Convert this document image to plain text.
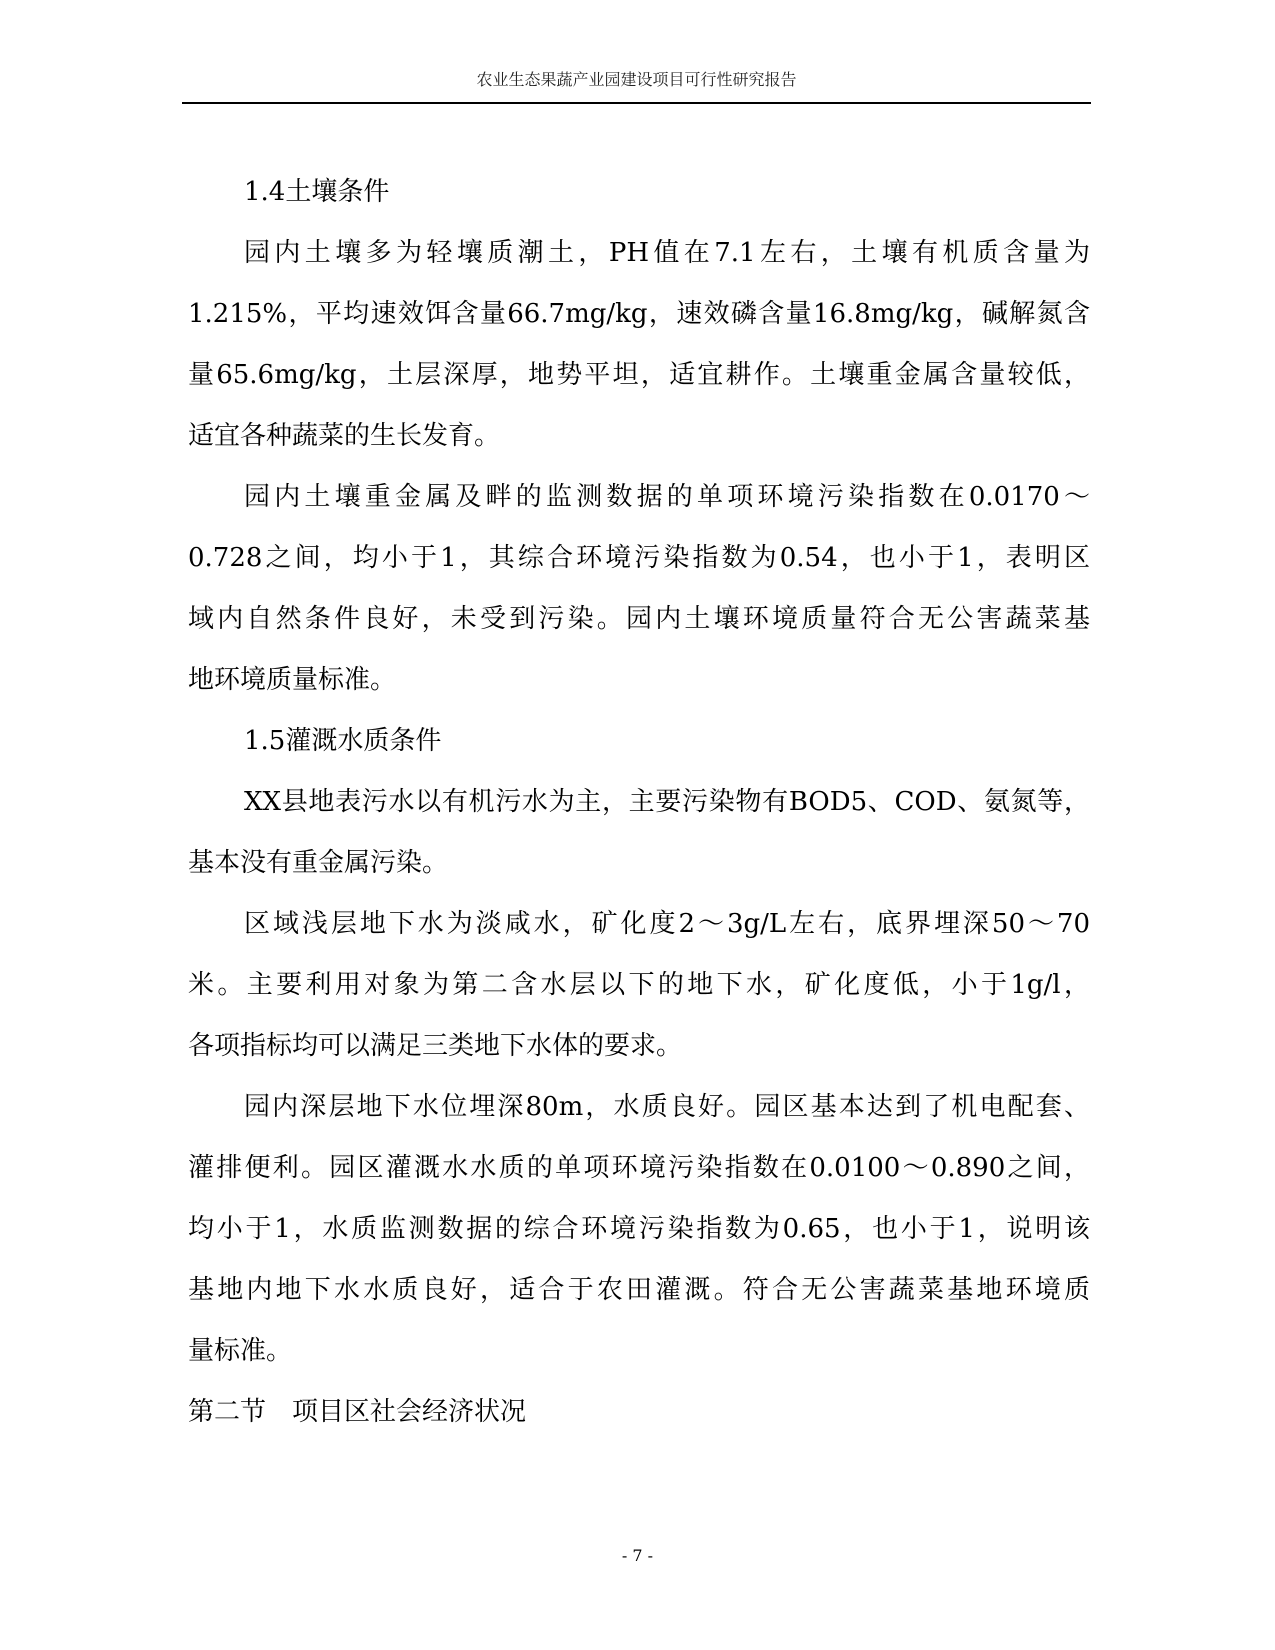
农业生态果蔬产业园建设项目可行性研究报告
1.4土壤条件
园内土壤多为轻壤质潮土，PH值在7.1左右，土壤有机质含量为
1.215%，平均速效饵含量66.7mg/kg，速效磷含量16.8mg/kg，碱解氮含
量65.6mg/kg，土层深厚，地势平坦，适宜耕作。土壤重金属含量较低，
适宜各种蔬菜的生长发育。
园内土壤重金属及畔的监测数据的单项环境污染指数在0.0170～
0.728之间，均小于1，其综合环境污染指数为0.54，也小于1，表明区
域内自然条件良好，未受到污染。园内土壤环境质量符合无公害蔬菜基
地环境质量标准。
1.5灌溉水质条件
XX县地表污水以有机污水为主，主要污染物有BOD5、COD、氨氮等，
基本没有重金属污染。
区域浅层地下水为淡咸水，矿化度2～3g/L左右，底界埋深50～70
米。主要利用对象为第二含水层以下的地下水，矿化度低，小于1g/l，
各项指标均可以满足三类地下水体的要求。
园内深层地下水位埋深80m，水质良好。园区基本达到了机电配套、
灌排便利。园区灌溉水水质的单项环境污染指数在0.0100～0.890之间，
均小于1，水质监测数据的综合环境污染指数为0.65，也小于1，说明该
基地内地下水水质良好，适合于农田灌溉。符合无公害蔬菜基地环境质
量标准。
第二节　项目区社会经济状况
- 7 -
